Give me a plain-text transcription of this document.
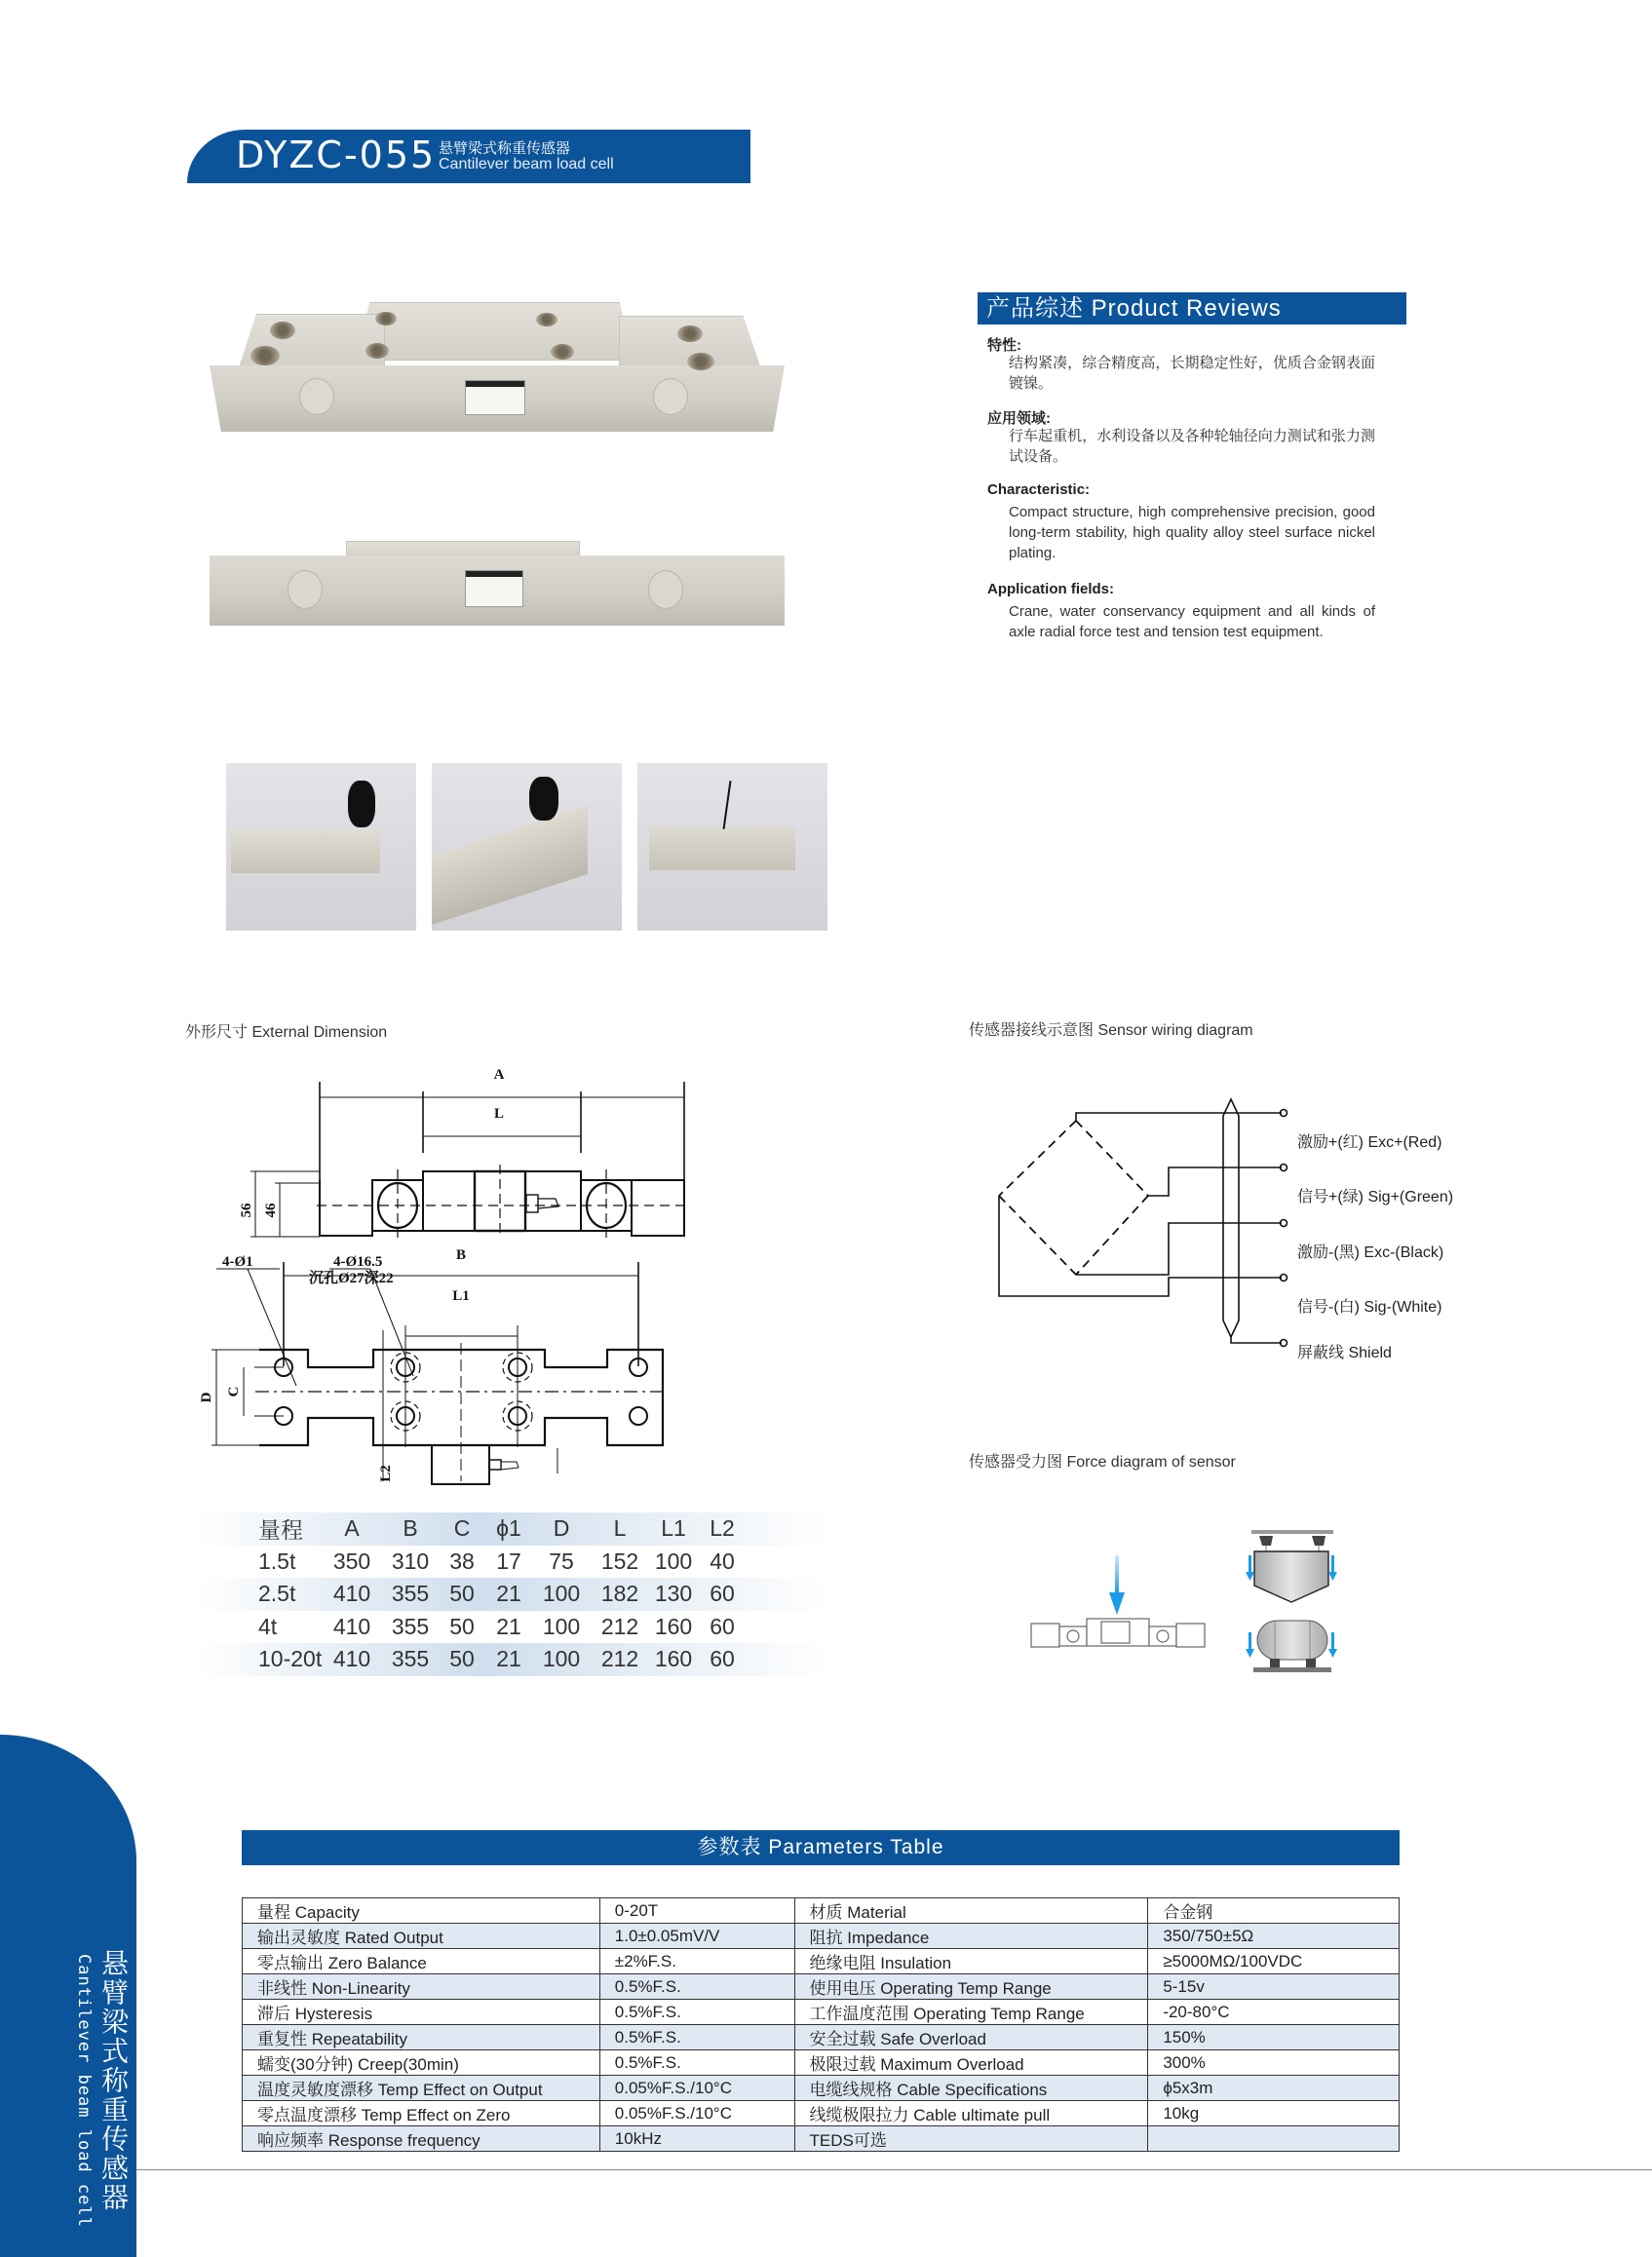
DYZC-055 悬臂梁式称重传感器
Cantilever beam load cell
产品综述 Product Reviews
特性:
结构紧凑，综合精度高，长期稳定性好，优质合金钢表面镀镍。
应用领域:
行车起重机，水利设备以及各种轮轴径向力测试和张力测试设备。
Characteristic:
Compact structure, high comprehensive precision, good long-term stability, high quality alloy steel surface nickel plating.
Application fields:
Crane, water conservancy equipment and all kinds of axle radial force test and tension test equipment.
外形尺寸 External Dimension
A
L
B
L1
4-Ø1	4-Ø16.5
沉孔Ø27深22
56 46
D
C
L2
量程	A	B	C	ϕ1	D	L	L1	L2
1.5t	350 310 38 17	75	152 100 40
2.5t	410 355 50 21 100 182 130 60
4t	410 355 50 21 100 212 160 60
10-20t 410 355 50 21 100 212 160 60
传感器接线示意图 Sensor wiring diagram
激励+(红) Exc+(Red)
信号+(绿) Sig+(Green)
激励-(黑) Exc-(Black)
信号-(白) Sig-(White)
屏蔽线 Shield
传感器受力图 Force diagram of sensor
参数表 Parameters Table
量程 Capacity	0-20T	材质 Material	合金钢
输出灵敏度 Rated Output	1.0±0.05mV/V	阻抗 Impedance	350/750±5Ω
零点输出 Zero Balance	±2%F.S.	绝缘电阻 Insulation	≥5000MΩ/100VDC
非线性 Non-Linearity	0.5%F.S.	使用电压 Operating Temp Range	5-15v
滞后 Hysteresis	0.5%F.S.	工作温度范围 Operating Temp Range	-20-80°C
重复性 Repeatability	0.5%F.S.	安全过载 Safe Overload	150%
蠕变(30分钟) Creep(30min)	0.5%F.S.	极限过载 Maximum Overload	300%
温度灵敏度漂移 Temp Effect on Output	0.05%F.S./10°C	电缆线规格 Cable Specifications	ϕ5x3m
零点温度漂移 Temp Effect on Zero	0.05%F.S./10°C	线缆极限拉力 Cable ultimate pull	10kg
响应频率 Response frequency	10kHz	TEDS可选	
悬臂梁式称重传感器
Cantilever beam load cell
